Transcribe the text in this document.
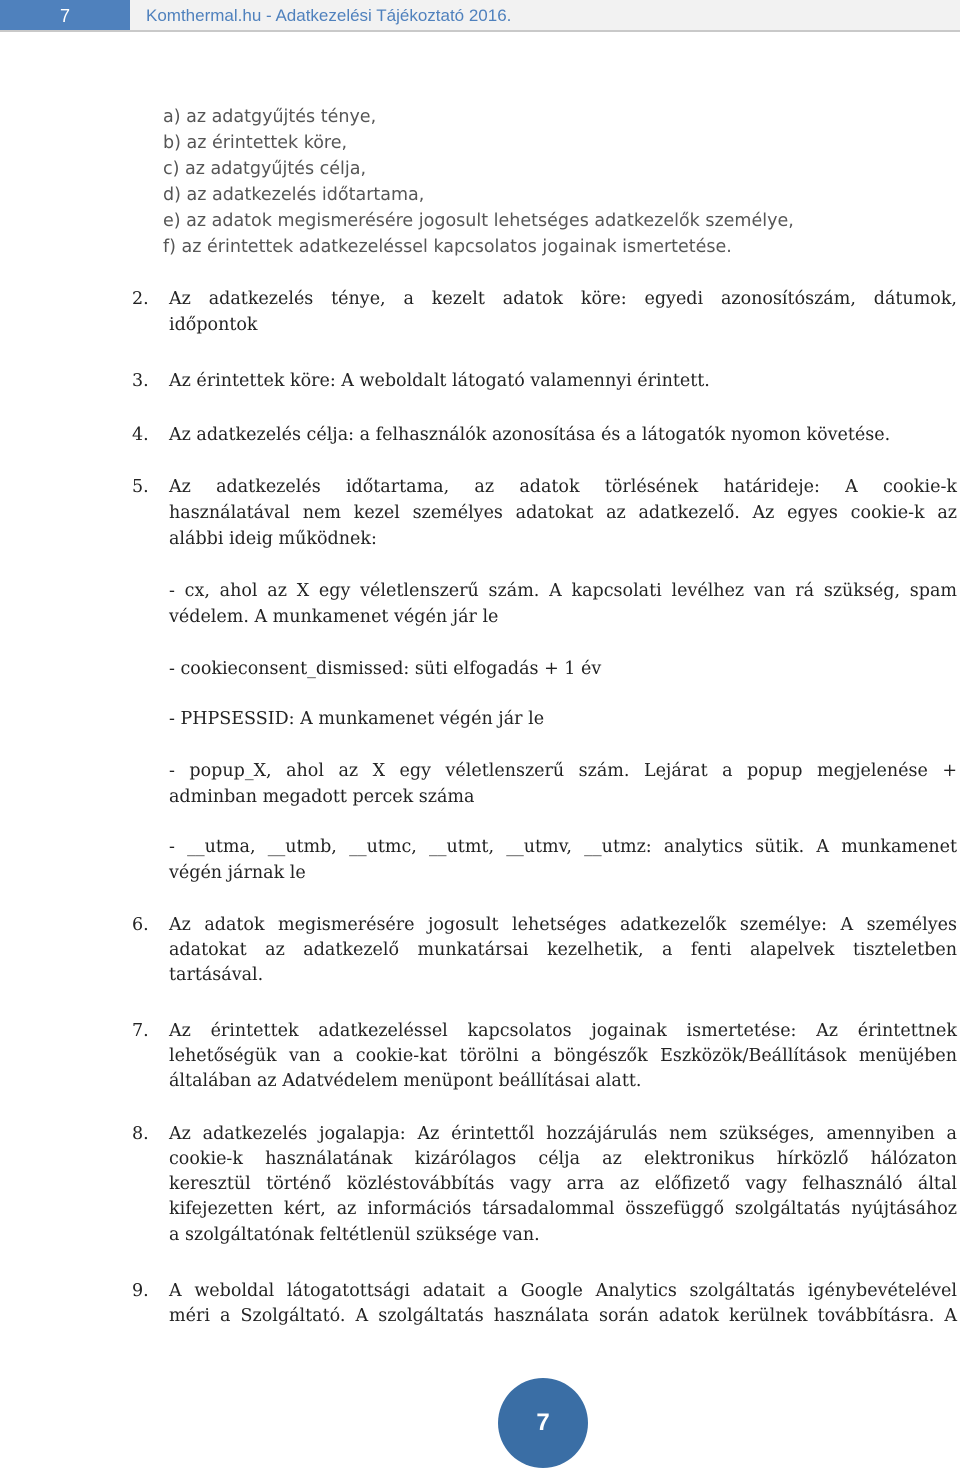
7	Komthermal.hu - Adatkezelési Tájékoztató 2016.
a) az adatgyűjtés ténye,
b) az érintettek köre,
c) az adatgyűjtés célja,
d) az adatkezelés időtartama,
e) az adatok megismerésére jogosult lehetséges adatkezelők személye,
f) az érintettek adatkezeléssel kapcsolatos jogainak ismertetése.
2. Az adatkezelés ténye, a kezelt adatok köre: egyedi azonosítószám, dátumok,
időpontok
3. Az érintettek köre: A weboldalt látogató valamennyi érintett.
4. Az adatkezelés célja: a felhasználók azonosítása és a látogatók nyomon követése.
5. Az adatkezelés időtartama, az adatok törlésének határideje: A cookie-k
használatával nem kezel személyes adatokat az adatkezelő. Az egyes cookie-k az
alábbi ideig működnek:
- cx, ahol az X egy véletlenszerű szám. A kapcsolati levélhez van rá szükség, spam
védelem. A munkamenet végén jár le
- cookieconsent_dismissed: süti elfogadás + 1 év
- PHPSESSID: A munkamenet végén jár le
- popup_X, ahol az X egy véletlenszerű szám. Lejárat a popup megjelenése +
adminban megadott percek száma
- __utma, __utmb, __utmc, __utmt, __utmv, __utmz: analytics sütik. A munkamenet
végén járnak le
6. Az adatok megismerésére jogosult lehetséges adatkezelők személye: A személyes
adatokat az adatkezelő munkatársai kezelhetik, a fenti alapelvek tiszteletben
tartásával.
7. Az érintettek adatkezeléssel kapcsolatos jogainak ismertetése: Az érintettnek
lehetőségük van a cookie-kat törölni a böngészők Eszközök/Beállítások menüjében
általában az Adatvédelem menüpont beállításai alatt.
8. Az adatkezelés jogalapja: Az érintettől hozzájárulás nem szükséges, amennyiben a
cookie-k használatának kizárólagos célja az elektronikus hírközlő hálózaton
keresztül történő közléstovábbítás vagy arra az előfizető vagy felhasználó által
kifejezetten kért, az információs társadalommal összefüggő szolgáltatás nyújtásához
a szolgáltatónak feltétlenül szüksége van.
9. A weboldal látogatottsági adatait a Google Analytics szolgáltatás igénybevételével
méri a Szolgáltató. A szolgáltatás használata során adatok kerülnek továbbításra. A
7
